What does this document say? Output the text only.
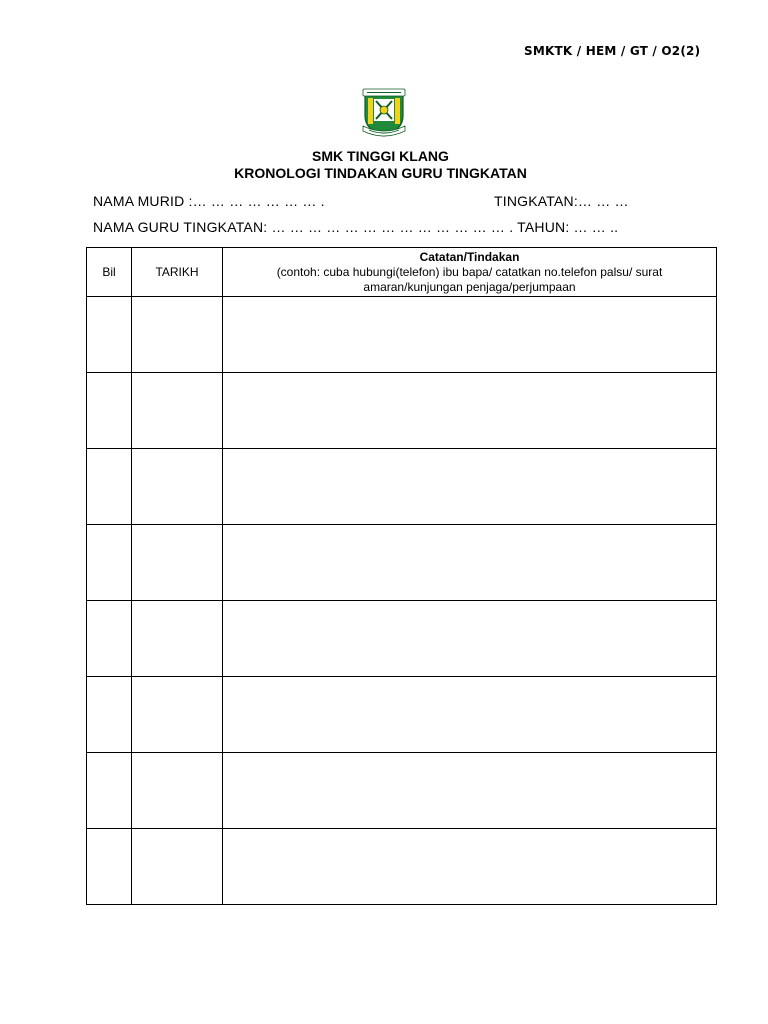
SMKTK / HEM / GT / O2(2)
SMK TINGGI KLANG
KRONOLOGI TINDAKAN GURU TINGKATAN
NAMA MURID :… … … … … … … .	TINGKATAN:… … …
NAMA GURU TINGKATAN: … … … … … … … … … … … … … . TAHUN: … … ..
Bil	TARIKH	Catatan/Tindakan
(contoh: cuba hubungi(telefon) ibu bapa/ catatkan no.telefon palsu/ surat amaran/kunjungan penjaga/perjumpaan
